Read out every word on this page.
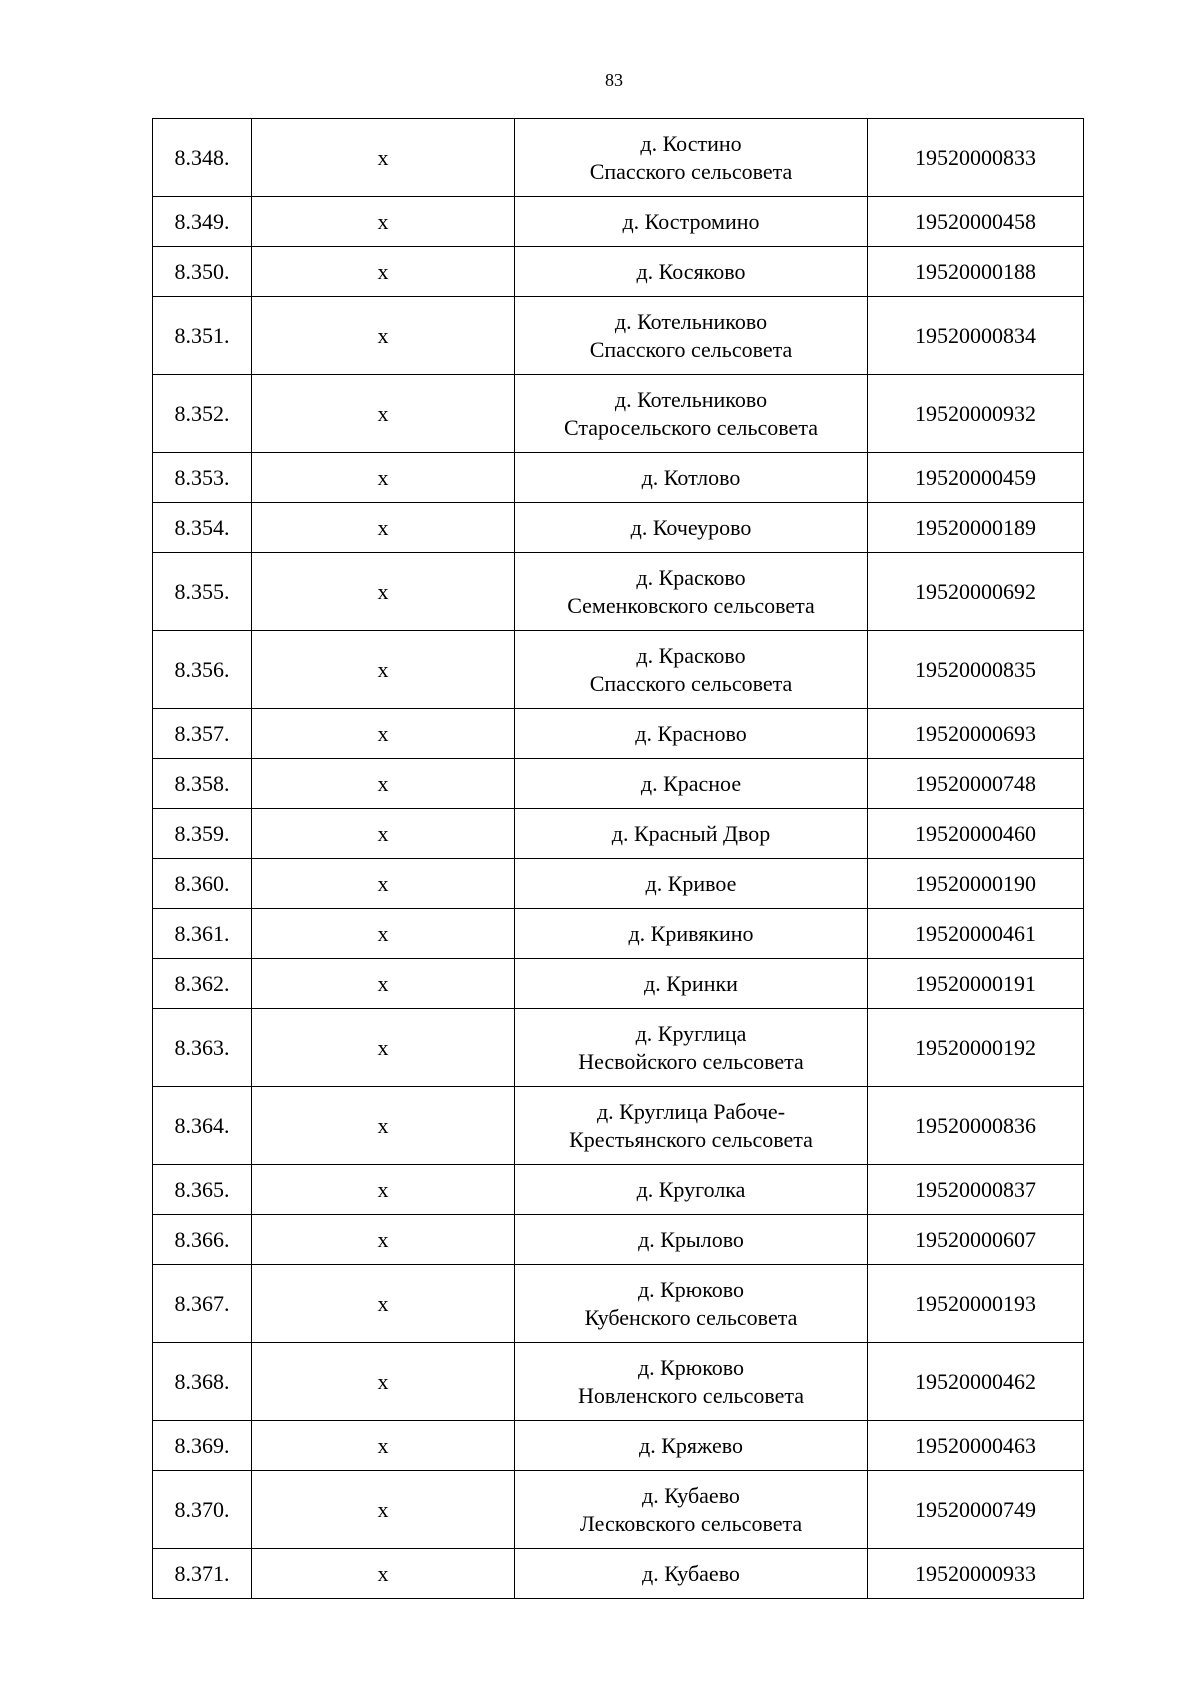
83
8.348.	х	д. Костино
Спасского сельсовета	19520000833
8.349.	х	д. Костромино	19520000458
8.350.	х	д. Косяково	19520000188
8.351.	х	д. Котельниково
Спасского сельсовета	19520000834
8.352.	х	д. Котельниково
Старосельского сельсовета	19520000932
8.353.	х	д. Котлово	19520000459
8.354.	х	д. Кочеурово	19520000189
8.355.	х	д. Красково
Семенковского сельсовета	19520000692
8.356.	х	д. Красково
Спасского сельсовета	19520000835
8.357.	х	д. Красново	19520000693
8.358.	х	д. Красное	19520000748
8.359.	х	д. Красный Двор	19520000460
8.360.	х	д. Кривое	19520000190
8.361.	х	д. Кривякино	19520000461
8.362.	х	д. Кринки	19520000191
8.363.	х	д. Круглица
Несвойского сельсовета	19520000192
8.364.	х	д. Круглица Рабоче-
Крестьянского сельсовета	19520000836
8.365.	х	д. Круголка	19520000837
8.366.	х	д. Крылово	19520000607
8.367.	х	д. Крюково
Кубенского сельсовета	19520000193
8.368.	х	д. Крюково
Новленского сельсовета	19520000462
8.369.	х	д. Кряжево	19520000463
8.370.	х	д. Кубаево
Лесковского сельсовета	19520000749
8.371.	х	д. Кубаево	19520000933
